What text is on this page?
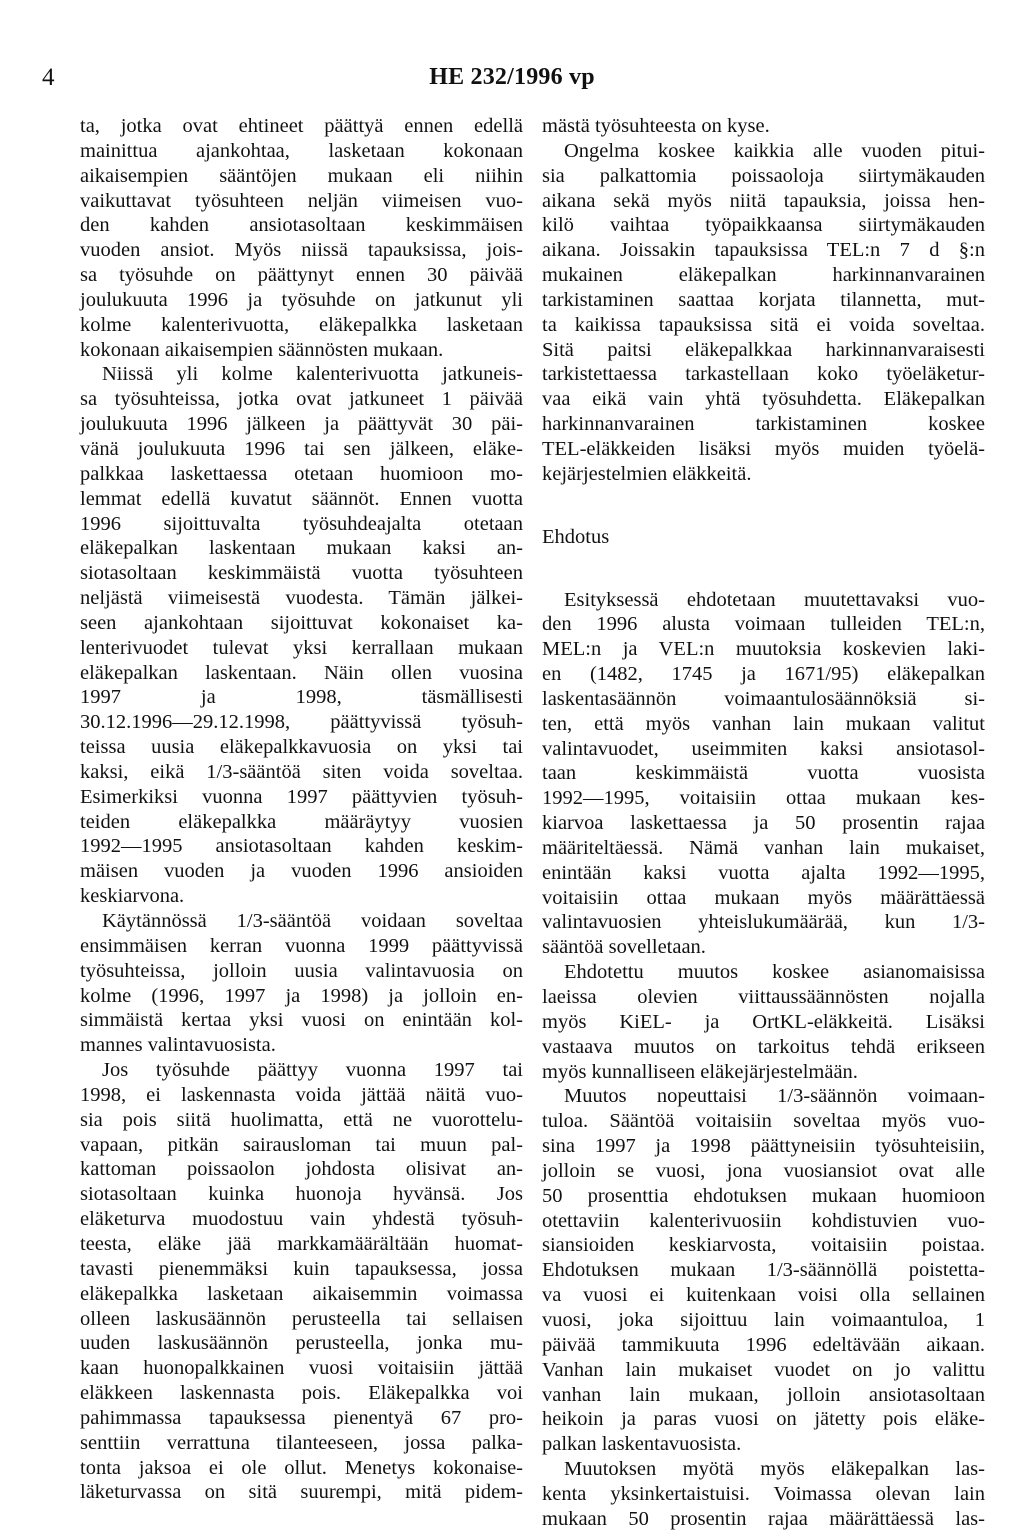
4	HE 232/1996 vp
ta, jotka ovat ehtineet päättyä ennen edellä
mainittua ajankohtaa, lasketaan kokonaan
aikaisempien sääntöjen mukaan eli niihin
vaikuttavat työsuhteen neljän viimeisen vuo-
den kahden ansiotasoltaan keskimmäisen
vuoden ansiot. Myös niissä tapauksissa, jois-
sa työsuhde on päättynyt ennen 30 päivää
joulukuuta 1996 ja työsuhde on jatkunut yli
kolme kalenterivuotta, eläkepalkka lasketaan
kokonaan aikaisempien säännösten mukaan.
Niissä yli kolme kalenterivuotta jatkuneis-
sa työsuhteissa, jotka ovat jatkuneet 1 päivää
joulukuuta 1996 jälkeen ja päättyvät 30 päi-
vänä joulukuuta 1996 tai sen jälkeen, eläke-
palkkaa laskettaessa otetaan huomioon mo-
lemmat edellä kuvatut säännöt. Ennen vuotta
1996 sijoittuvalta työsuhdeajalta otetaan
eläkepalkan laskentaan mukaan kaksi an-
siotasoltaan keskimmäistä vuotta työsuhteen
neljästä viimeisestä vuodesta. Tämän jälkei-
seen ajankohtaan sijoittuvat kokonaiset ka-
lenterivuodet tulevat yksi kerrallaan mukaan
eläkepalkan laskentaan. Näin ollen vuosina
1997 ja 1998, täsmällisesti
30.12.1996—29.12.1998, päättyvissä työsuh-
teissa uusia eläkepalkkavuosia on yksi tai
kaksi, eikä 1/3-sääntöä siten voida soveltaa.
Esimerkiksi vuonna 1997 päättyvien työsuh-
teiden eläkepalkka määräytyy vuosien
1992—1995 ansiotasoltaan kahden keskim-
mäisen vuoden ja vuoden 1996 ansioiden
keskiarvona.
Käytännössä 1/3-sääntöä voidaan soveltaa
ensimmäisen kerran vuonna 1999 päättyvissä
työsuhteissa, jolloin uusia valintavuosia on
kolme (1996, 1997 ja 1998) ja jolloin en-
simmäistä kertaa yksi vuosi on enintään kol-
mannes valintavuosista.
Jos työsuhde päättyy vuonna 1997 tai
1998, ei laskennasta voida jättää näitä vuo-
sia pois siitä huolimatta, että ne vuorottelu-
vapaan, pitkän sairausloman tai muun pal-
kattoman poissaolon johdosta olisivat an-
siotasoltaan kuinka huonoja hyvänsä. Jos
eläketurva muodostuu vain yhdestä työsuh-
teesta, eläke jää markkamäärältään huomat-
tavasti pienemmäksi kuin tapauksessa, jossa
eläkepalkka lasketaan aikaisemmin voimassa
olleen laskusäännön perusteella tai sellaisen
uuden laskusäännön perusteella, jonka mu-
kaan huonopalkkainen vuosi voitaisiin jättää
eläkkeen laskennasta pois. Eläkepalkka voi
pahimmassa tapauksessa pienentyä 67 pro-
senttiin verrattuna tilanteeseen, jossa palka-
tonta jaksoa ei ole ollut. Menetys kokonaise-
läketurvassa on sitä suurempi, mitä pidem-
mästä työsuhteesta on kyse.
Ongelma koskee kaikkia alle vuoden pitui-
sia palkattomia poissaoloja siirtymäkauden
aikana sekä myös niitä tapauksia, joissa hen-
kilö vaihtaa työpaikkaansa siirtymäkauden
aikana. Joissakin tapauksissa TEL:n 7 d §:n
mukainen eläkepalkan harkinnanvarainen
tarkistaminen saattaa korjata tilannetta, mut-
ta kaikissa tapauksissa sitä ei voida soveltaa.
Sitä paitsi eläkepalkkaa harkinnanvaraisesti
tarkistettaessa tarkastellaan koko työeläketur-
vaa eikä vain yhtä työsuhdetta. Eläkepalkan
harkinnanvarainen tarkistaminen koskee
TEL-eläkkeiden lisäksi myös muiden työelä-
kejärjestelmien eläkkeitä.
Ehdotus
Esityksessä ehdotetaan muutettavaksi vuo-
den 1996 alusta voimaan tulleiden TEL:n,
MEL:n ja VEL:n muutoksia koskevien laki-
en (1482, 1745 ja 1671/95) eläkepalkan
laskentasäännön voimaantulosäännöksiä si-
ten, että myös vanhan lain mukaan valitut
valintavuodet, useimmiten kaksi ansiotasol-
taan keskimmäistä vuotta vuosista
1992—1995, voitaisiin ottaa mukaan kes-
kiarvoa laskettaessa ja 50 prosentin rajaa
määriteltäessä. Nämä vanhan lain mukaiset,
enintään kaksi vuotta ajalta 1992—1995,
voitaisiin ottaa mukaan myös määrättäessä
valintavuosien yhteislukumäärää, kun 1/3-
sääntöä sovelletaan.
Ehdotettu muutos koskee asianomaisissa
laeissa olevien viittaussäännösten nojalla
myös KiEL- ja OrtKL-eläkkeitä. Lisäksi
vastaava muutos on tarkoitus tehdä erikseen
myös kunnalliseen eläkejärjestelmään.
Muutos nopeuttaisi 1/3-säännön voimaan-
tuloa. Sääntöä voitaisiin soveltaa myös vuo-
sina 1997 ja 1998 päättyneisiin työsuhteisiin,
jolloin se vuosi, jona vuosiansiot ovat alle
50 prosenttia ehdotuksen mukaan huomioon
otettaviin kalenterivuosiin kohdistuvien vuo-
siansioiden keskiarvosta, voitaisiin poistaa.
Ehdotuksen mukaan 1/3-säännöllä poistetta-
va vuosi ei kuitenkaan voisi olla sellainen
vuosi, joka sijoittuu lain voimaantuloa, 1
päivää tammikuuta 1996 edeltävään aikaan.
Vanhan lain mukaiset vuodet on jo valittu
vanhan lain mukaan, jolloin ansiotasoltaan
heikoin ja paras vuosi on jätetty pois eläke-
palkan laskentavuosista.
Muutoksen myötä myös eläkepalkan las-
kenta yksinkertaistuisi. Voimassa olevan lain
mukaan 50 prosentin rajaa määrättäessä las-
